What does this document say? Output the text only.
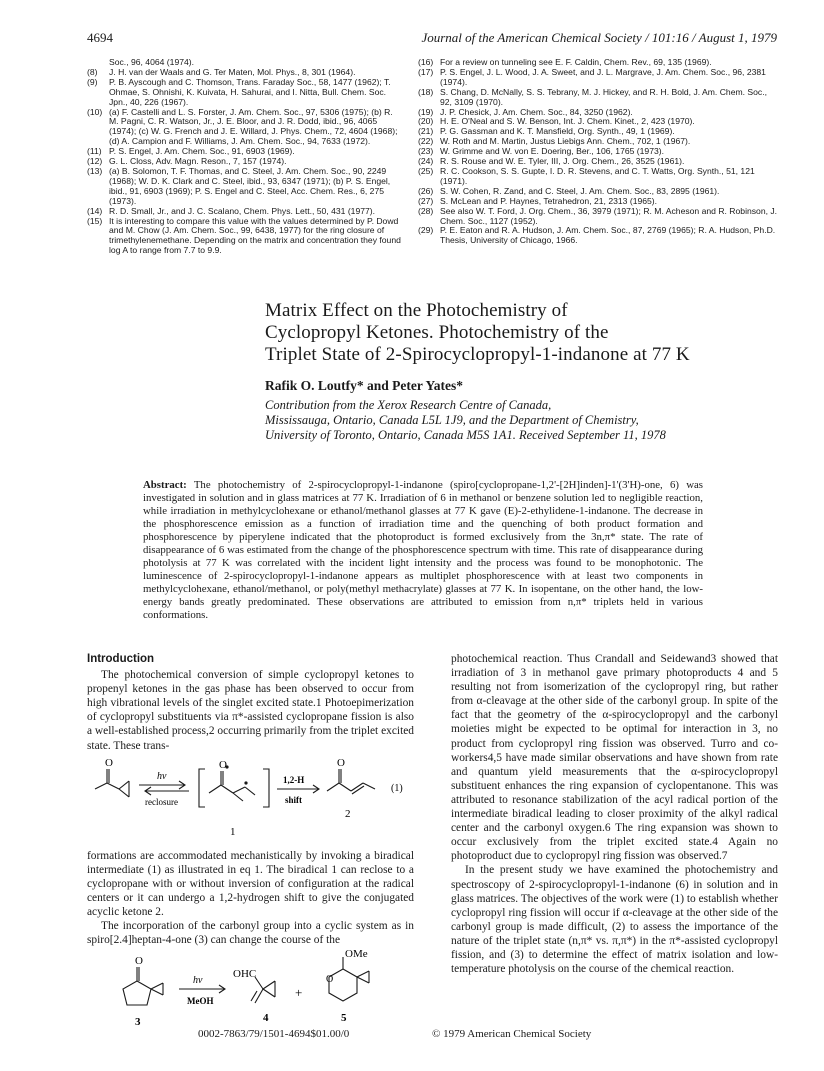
4694	Journal of the American Chemical Society / 101:16 / August 1, 1979
Soc., 96, 4064 (1974).
(8)	J. H. van der Waals and G. Ter Maten, Mol. Phys., 8, 301 (1964).
(9)	P. B. Ayscough and C. Thomson, Trans. Faraday Soc., 58, 1477 (1962); T. Ohmae, S. Ohnishi, K. Kuivata, H. Sahurai, and I. Nitta, Bull. Chem. Soc. Jpn., 40, 226 (1967).
(10) (a) F. Castelli and L. S. Forster, J. Am. Chem. Soc., 97, 5306 (1975); (b) R. M. Pagni, C. R. Watson, Jr., J. E. Bloor, and J. R. Dodd, ibid., 96, 4065 (1974); (c) W. G. French and J. E. Willard, J. Phys. Chem., 72, 4604 (1968); (d) A. Campion and F. Williams, J. Am. Chem. Soc., 94, 7633 (1972).
(11) P. S. Engel, J. Am. Chem. Soc., 91, 6903 (1969).
(12) G. L. Closs, Adv. Magn. Reson., 7, 157 (1974).
(13) (a) B. Solomon, T. F. Thomas, and C. Steel, J. Am. Chem. Soc., 90, 2249 (1968); W. D. K. Clark and C. Steel, ibid., 93, 6347 (1971); (b) P. S. Engel, ibid., 91, 6903 (1969); P. S. Engel and C. Steel, Acc. Chem. Res., 6, 275 (1973).
(14) R. D. Small, Jr., and J. C. Scalano, Chem. Phys. Lett., 50, 431 (1977).
(15) It is interesting to compare this value with the values determined by P. Dowd and M. Chow (J. Am. Chem. Soc., 99, 6438, 1977) for the ring closure of trimethylenemethane. Depending on the matrix and concentration they found log A to range from 7.7 to 9.9.
(16) For a review on tunneling see E. F. Caldin, Chem. Rev., 69, 135 (1969).
(17) P. S. Engel, J. L. Wood, J. A. Sweet, and J. L. Margrave, J. Am. Chem. Soc., 96, 2381 (1974).
(18) S. Chang, D. McNally, S. S. Tebrany, M. J. Hickey, and R. H. Bold, J. Am. Chem. Soc., 92, 3109 (1970).
(19) J. P. Chesick, J. Am. Chem. Soc., 84, 3250 (1962).
(20) H. E. O'Neal and S. W. Benson, Int. J. Chem. Kinet., 2, 423 (1970).
(21) P. G. Gassman and K. T. Mansfield, Org. Synth., 49, 1 (1969).
(22) W. Roth and M. Martin, Justus Liebigs Ann. Chem., 702, 1 (1967).
(23) W. Grimme and W. von E. Doering, Ber., 106, 1765 (1973).
(24) R. S. Rouse and W. E. Tyler, III, J. Org. Chem., 26, 3525 (1961).
(25) R. C. Cookson, S. S. Gupte, I. D. R. Stevens, and C. T. Watts, Org. Synth., 51, 121 (1971).
(26) S. W. Cohen, R. Zand, and C. Steel, J. Am. Chem. Soc., 83, 2895 (1961).
(27) S. McLean and P. Haynes, Tetrahedron, 21, 2313 (1965).
(28) See also W. T. Ford, J. Org. Chem., 36, 3979 (1971); R. M. Acheson and R. Robinson, J. Chem. Soc., 1127 (1952).
(29) P. E. Eaton and R. A. Hudson, J. Am. Chem. Soc., 87, 2769 (1965); R. A. Hudson, Ph.D. Thesis, University of Chicago, 1966.
Matrix Effect on the Photochemistry of
Cyclopropyl Ketones. Photochemistry of the
Triplet State of 2-Spirocyclopropyl-1-indanone at 77 K
Rafik O. Loutfy* and Peter Yates*
Contribution from the Xerox Research Centre of Canada,
Mississauga, Ontario, Canada L5L 1J9, and the Department of Chemistry,
University of Toronto, Ontario, Canada M5S 1A1. Received September 11, 1978
Abstract: The photochemistry of 2-spirocyclopropyl-1-indanone (spiro[cyclopropane-1,2'-[2H]inden]-1'(3'H)-one, 6) was investigated in solution and in glass matrices at 77 K. Irradiation of 6 in methanol or benzene solution led to negligible reaction, while irradiation in methylcyclohexane or ethanol/methanol glasses at 77 K gave (E)-2-ethylidene-1-indanone. The decrease in the phosphorescence emission as a function of irradiation time and the quenching of both product formation and phosphorescence by piperylene indicated that the photoproduct is formed exclusively from the 3n,π* state. The rate of disappearance of 6 was estimated from the change of the phosphorescence spectrum with time. This rate of disappearance during photolysis at 77 K was correlated with the incident light intensity and the process was found to be monophotonic. The luminescence of 2-spirocyclopropyl-1-indanone appears as multiplet phosphorescence with at least two components in methylcyclohexane, ethanol/methanol, or poly(methyl methacrylate) glasses at 77 K. In isopentane, on the other hand, the low-energy bands greatly predominated. These observations are attributed to emission from n,π* triplets held in various conformations.
Introduction

The photochemical conversion of simple cyclopropyl ketones to propenyl ketones in the gas phase has been observed to occur from high vibrational levels of the singlet excited state.1 Photoepimerization of cyclopropyl substituents via π*-assisted cyclopropane fission is also a well-established process,2 occurring primarily from the triplet excited state. These trans-

O	O	O
hν
reclosure
1,2-H
shift
(1)
1
2

formations are accommodated mechanistically by invoking a biradical intermediate (1) as illustrated in eq 1. The biradical 1 can reclose to a cyclopropane with or without inversion of configuration at the radical centers or it can undergo a 1,2-hydrogen shift to give the conjugated acyclic ketone 2.

The incorporation of the carbonyl group into a cyclic system as in spiro[2.4]heptan-4-one (3) can change the course of the

O
O
hν
MeOH
OHC
OMe
+
3	4	5

photochemical reaction. Thus Crandall and Seidewand3 showed that irradiation of 3 in methanol gave primary photoproducts 4 and 5 resulting not from isomerization of the cyclopropyl ring, but rather from α-cleavage at the other side of the carbonyl group. In spite of the fact that the geometry of the α-spirocyclopropyl and the carbonyl moieties might be expected to be optimal for interaction in 3, no product from cyclopropyl ring fission was observed. Turro and co-workers4,5 have made similar observations and have shown from rate and quantum yield measurements that the α-spirocyclopropyl substituent enhances the ring expansion of cyclopentanone. This was attributed to resonance stabilization of the acyl radical portion of the intermediate biradical leading to closer proximity of the alkyl radical center and the carbonyl oxygen.6 The ring expansion was shown to occur exclusively from the triplet excited state.4 Again no photoproduct due to cyclopropyl ring fission was observed.7

In the present study we have examined the photochemistry and spectroscopy of 2-spirocyclopropyl-1-indanone (6) in solution and in glass matrices. The objectives of the work were (1) to establish whether cyclopropyl ring fission will occur if α-cleavage at the other side of the carbonyl group is made difficult, (2) to assess the importance of the nature of the triplet state (n,π* vs. π,π*) in the π*-assisted cyclopropyl fission, and (3) to determine the effect of matrix isolation and low-temperature photolysis on the course of the chemical reaction.

0002-7863/79/1501-4694$01.00/0	© 1979 American Chemical Society
